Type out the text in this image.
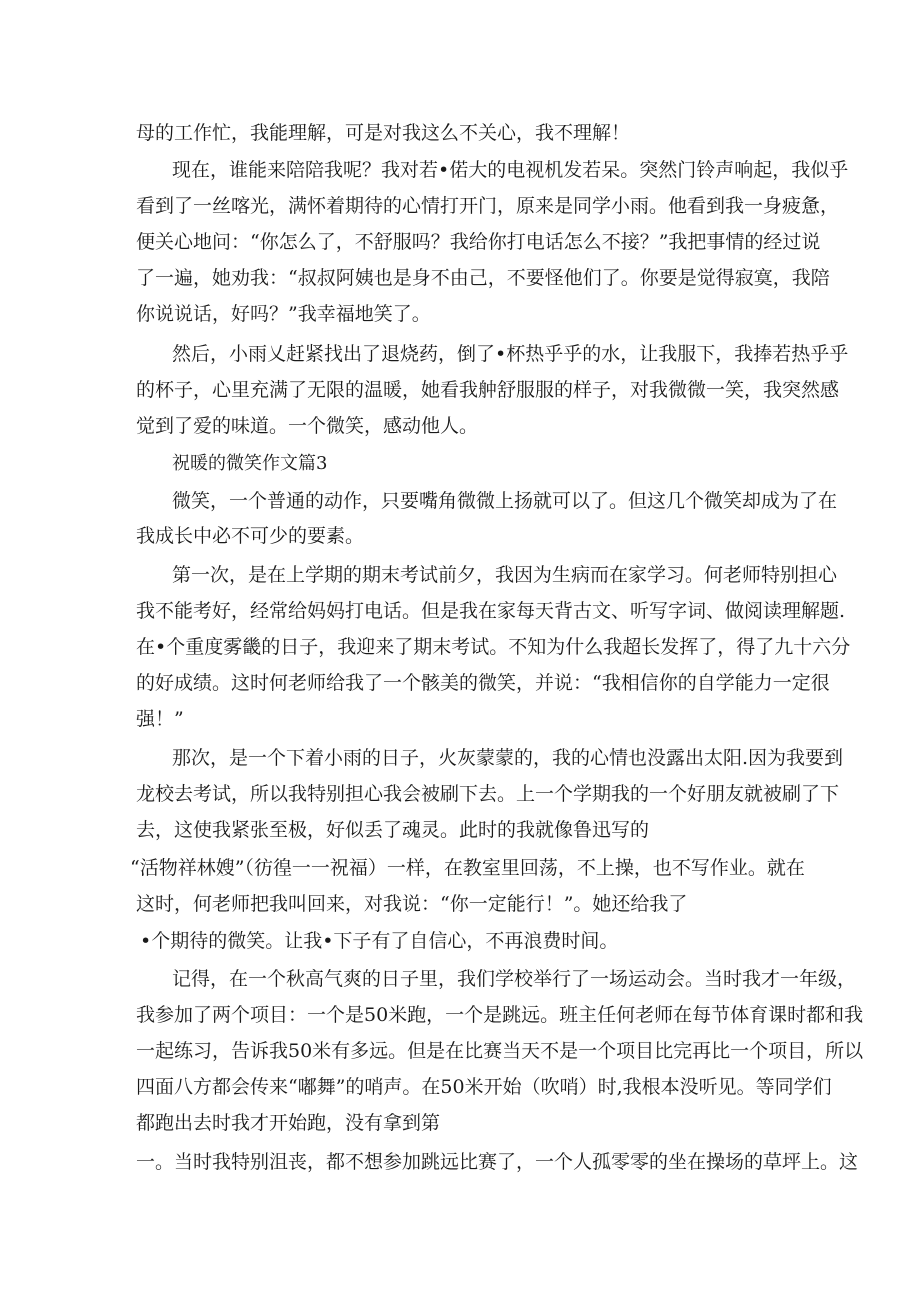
母的工作忙，我能理解，可是对我这么不关心，我不理解！
现在，谁能来陪陪我呢？我对若•偌大的电视机发若呆。突然门铃声响起，我似乎
看到了一丝喀光，满怀着期待的心情打开门，原来是同学小雨。他看到我一身疲惫，
便关心地问：“你怎么了，不舒服吗？我给你打电话怎么不接？”我把事情的经过说
了一遍，她劝我：“叔叔阿姨也是身不由己，不要怪他们了。你要是觉得寂寞，我陪
你说说话，好吗？”我幸福地笑了。
然后，小雨乂赶紧找出了退烧药，倒了•杯热乎乎的水，让我服下，我捧若热乎乎
的杯子，心里充满了无限的温暖，她看我舯舒服服的样子，对我微微一笑，我突然感
觉到了爱的味道。一个微笑，感动他人。
祝暖的微笑作文篇3
微笑，一个普通的动作，只要嘴角微微上扬就可以了。但这几个微笑却成为了在
我成长中必不可少的要素。
第一次，是在上学期的期末考试前夕，我因为生病而在家学习。何老师特别担心
我不能考好，经常给妈妈打电话。但是我在家每天背古文、听写字词、做阅读理解题.
在•个重度雾畿的日子，我迎来了期末考试。不知为什么我超长发挥了，得了九十六分
的好成绩。这时何老师给我了一个骸美的微笑，并说：“我相信你的自学能力一定很
强！”
那次，是一个下着小雨的日子，火灰蒙蒙的，我的心情也没露出太阳.因为我要到
龙校去考试，所以我特别担心我会被刷下去。上一个学期我的一个好朋友就被刷了下
去，这使我紧张至极，好似丢了魂灵。此时的我就像鲁迅写的
“活物祥林嫂”（彷徨一一祝福）一样，在教室里回荡，不上操，也不写作业。就在
这时，何老师把我叫回来，对我说：“你一定能行！”。她还给我了
•个期待的微笑。让我•下子有了自信心，不再浪费时间。
记得，在一个秋高气爽的日子里，我们学校举行了一场运动会。当时我才一年级，
我参加了两个项目：一个是50米跑，一个是跳远。班主任何老师在每节体育课时都和我
一起练习，告诉我50米有多远。但是在比赛当天不是一个项目比完再比一个项目，所以
四面八方都会传来“嘟舞”的哨声。在50米开始（吹哨）时,我根本没听见。等同学们
都跑出去时我才开始跑，没有拿到第
一。当时我特别沮丧，都不想参加跳远比赛了，一个人孤零零的坐在操场的草坪上。这
